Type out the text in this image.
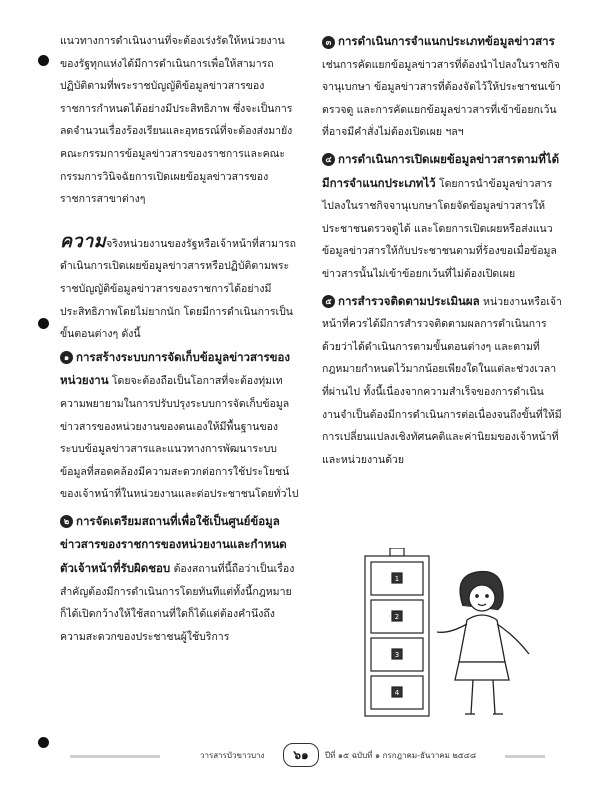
แนวทางการดำเนินงานที่จะต้องเร่งรัดให้หน่วยงานของรัฐทุกแห่งได้มีการดำเนินการเพื่อให้สามารถปฏิบัติตามที่พระราชบัญญัติข้อมูลข่าวสารของราชการกำหนดได้อย่างมีประสิทธิภาพ ซึ่งจะเป็นการลดจำนวนเรื่องร้องเรียนและอุทธรณ์ที่จะต้องส่งมายังคณะกรรมการข้อมูลข่าวสารของราชการและคณะกรรมการวินิจฉัยการเปิดเผยข้อมูลข่าวสารของราชการสาขาต่างๆ

ความจริงหน่วยงานของรัฐหรือเจ้าหน้าที่สามารถดำเนินการเปิดเผยข้อมูลข่าวสารหรือปฏิบัติตามพระราชบัญญัติข้อมูลข่าวสารของราชการได้อย่างมีประสิทธิภาพโดยไม่ยากนัก โดยมีการดำเนินการเป็นขั้นตอนต่างๆ ดังนี้

๑ การสร้างระบบการจัดเก็บข้อมูลข่าวสารของหน่วยงาน โดยจะต้องถือเป็นโอกาสที่จะต้องทุ่มเทความพยายามในการปรับปรุงระบบการจัดเก็บข้อมูลข่าวสารของหน่วยงานของตนเองให้มีพื้นฐานของระบบข้อมูลข่าวสารและแนวทางการพัฒนาระบบข้อมูลที่สอดคล้องมีความสะดวกต่อการใช้ประโยชน์ของเจ้าหน้าที่ในหน่วยงานและต่อประชาชนโดยทั่วไป

๒ การจัดเตรียมสถานที่เพื่อใช้เป็นศูนย์ข้อมูลข่าวสารของราชการของหน่วยงานและกำหนดตัวเจ้าหน้าที่รับผิดชอบ ต้องสถานที่นี้ถือว่าเป็นเรื่องสำคัญต้องมีการดำเนินการโดยทันทีแต่ทั้งนี้กฎหมายก็ได้เปิดกว้างให้ใช้สถานที่ใดก็ได้แต่ต้องคำนึงถึงความสะดวกของประชาชนผู้ใช้บริการ

๓ การดำเนินการจำแนกประเภทข้อมูลข่าวสาร เช่นการคัดแยกข้อมูลข่าวสารที่ต้องนำไปลงในราชกิจจานุเบกษา ข้อมูลข่าวสารที่ต้องจัดไว้ให้ประชาชนเข้าตรวจดู และการคัดแยกข้อมูลข่าวสารที่เข้าข้อยกเว้นที่อาจมีคำสั่งไม่ต้องเปิดเผย ฯลฯ

๔ การดำเนินการเปิดเผยข้อมูลข่าวสารตามที่ได้มีการจำแนกประเภทไว้ โดยการนำข้อมูลข่าวสารไปลงในราชกิจจานุเบกษาโดยจัดข้อมูลข่าวสารให้ประชาชนตรวจดูได้ และโดยการเปิดเผยหรือส่งแนวข้อมูลข่าวสารให้กับประชาชนตามที่ร้องขอเมื่อข้อมูลข่าวสารนั้นไม่เข้าข้อยกเว้นที่ไม่ต้องเปิดเผย

๕ การสำรวจติดตามประเมินผล หน่วยงานหรือเจ้าหน้าที่ควรได้มีการสำรวจติดตามผลการดำเนินการด้วยว่าได้ดำเนินการตามขั้นตอนต่างๆ และตามที่กฎหมายกำหนดไว้มากน้อยเพียงใดในแต่ละช่วงเวลาที่ผ่านไป ทั้งนี้เนื่องจากความสำเร็จของการดำเนินงานจำเป็นต้องมีการดำเนินการต่อเนื่องจนถึงขั้นที่ให้มีการเปลี่ยนแปลงเชิงทัศนคติและค่านิยมของเจ้าหน้าที่และหน่วยงานด้วย

1
2
3
4
วารสารบัวขาวบาง	๖๑	ปีที่ ๑๕ ฉบับที่ ๑ กรกฎาคม-ธันวาคม ๒๕๔๘
